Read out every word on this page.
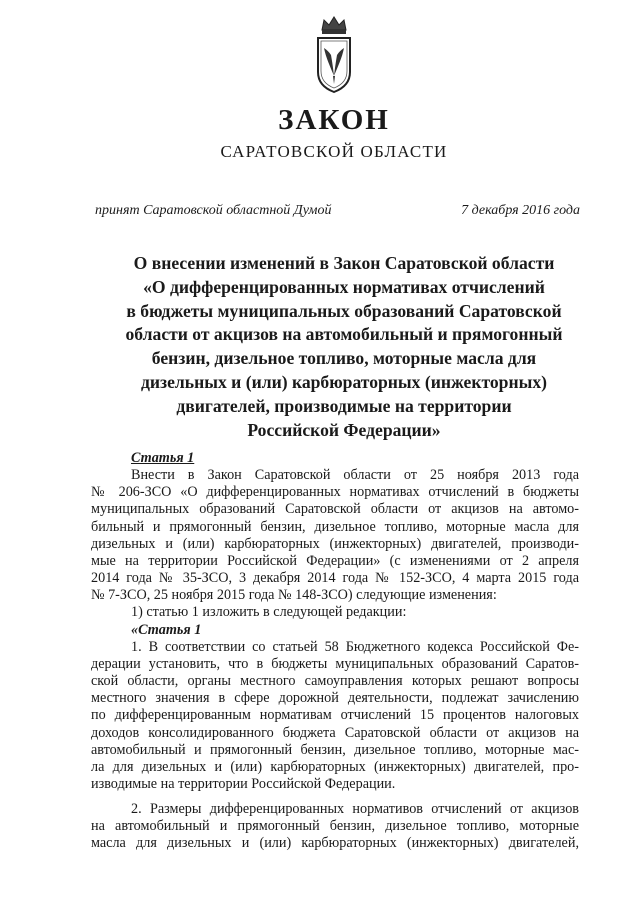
ЗАКОН
САРАТОВСКОЙ ОБЛАСТИ
принят Саратовской областной Думой	7 декабря 2016 года
О внесении изменений в Закон Саратовской области
«О дифференцированных нормативах отчислений
в бюджеты муниципальных образований Саратовской
области от акцизов на автомобильный и прямогонный
бензин, дизельное топливо, моторные масла для
дизельных и (или) карбюраторных (инжекторных)
двигателей, производимые на территории
Российской Федерации»
Статья 1
Внести в Закон Саратовской области от 25 ноября 2013 года
№ 206-ЗСО «О дифференцированных нормативах отчислений в бюджеты
муниципальных образований Саратовской области от акцизов на автомо-
бильный и прямогонный бензин, дизельное топливо, моторные масла для
дизельных и (или) карбюраторных (инжекторных) двигателей, производи-
мые на территории Российской Федерации» (с изменениями от 2 апреля
2014 года № 35-ЗСО, 3 декабря 2014 года № 152-ЗСО, 4 марта 2015 года
№ 7-ЗСО, 25 ноября 2015 года № 148-ЗСО) следующие изменения:
1) статью 1 изложить в следующей редакции:
«Статья 1
1. В соответствии со статьей 58 Бюджетного кодекса Российской Фе-
дерации установить, что в бюджеты муниципальных образований Саратов-
ской области, органы местного самоуправления которых решают вопросы
местного значения в сфере дорожной деятельности, подлежат зачислению
по дифференцированным нормативам отчислений 15 процентов налоговых
доходов консолидированного бюджета Саратовской области от акцизов на
автомобильный и прямогонный бензин, дизельное топливо, моторные мас-
ла для дизельных и (или) карбюраторных (инжекторных) двигателей, про-
изводимые на территории Российской Федерации.
2. Размеры дифференцированных нормативов отчислений от акцизов
на автомобильный и прямогонный бензин, дизельное топливо, моторные
масла для дизельных и (или) карбюраторных (инжекторных) двигателей,
